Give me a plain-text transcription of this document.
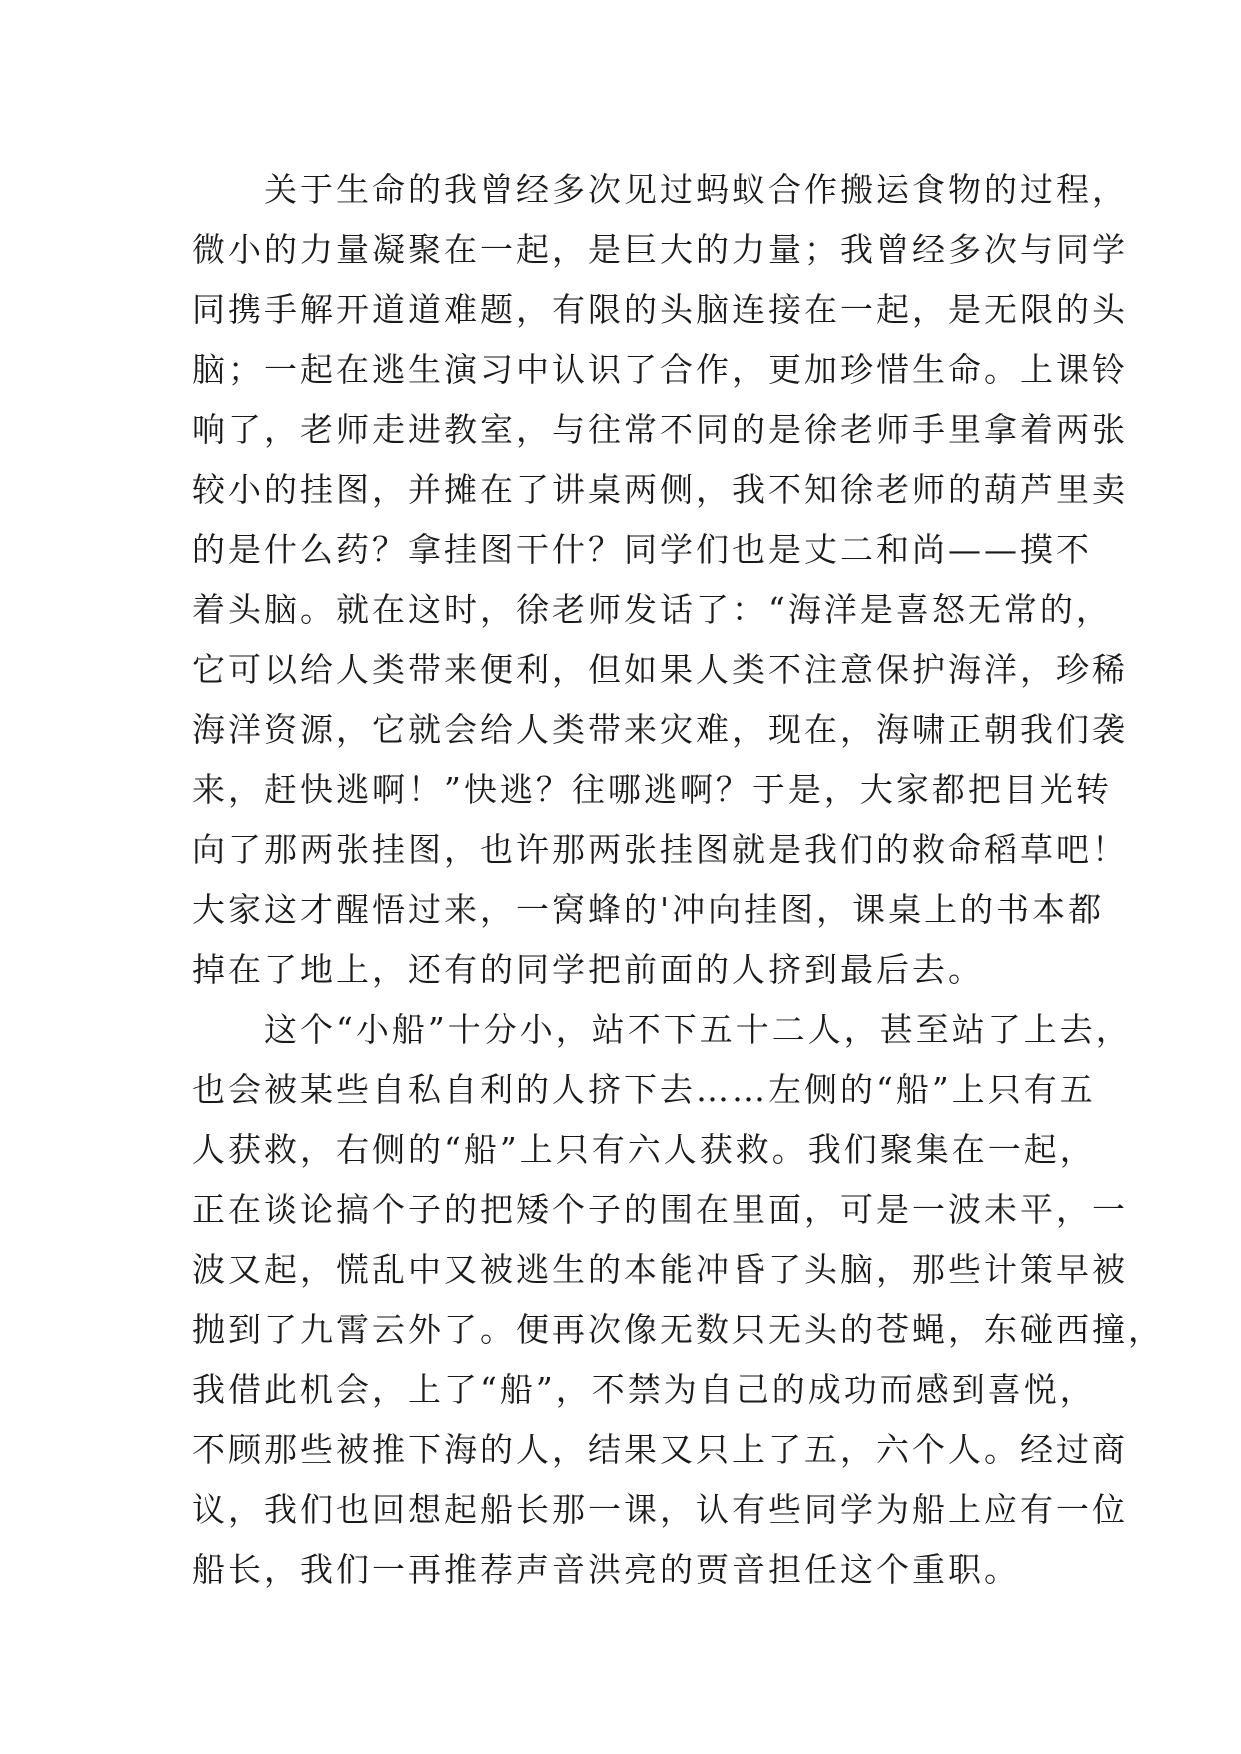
　　关于生命的我曾经多次见过蚂蚁合作搬运食物的过程，
微小的力量凝聚在一起，是巨大的力量；我曾经多次与同学
同携手解开道道难题，有限的头脑连接在一起，是无限的头
脑；一起在逃生演习中认识了合作，更加珍惜生命。上课铃
响了，老师走进教室，与往常不同的是徐老师手里拿着两张
较小的挂图，并摊在了讲桌两侧，我不知徐老师的葫芦里卖
的是什么药？拿挂图干什？同学们也是丈二和尚——摸不
着头脑。就在这时，徐老师发话了：“海洋是喜怒无常的，
它可以给人类带来便利，但如果人类不注意保护海洋，珍稀
海洋资源，它就会给人类带来灾难，现在，海啸正朝我们袭
来，赶快逃啊！”快逃？往哪逃啊？于是，大家都把目光转
向了那两张挂图，也许那两张挂图就是我们的救命稻草吧！
大家这才醒悟过来，一窝蜂的'冲向挂图，课桌上的书本都
掉在了地上，还有的同学把前面的人挤到最后去。
　　这个“小船”十分小，站不下五十二人，甚至站了上去，
也会被某些自私自利的人挤下去……左侧的“船”上只有五
人获救，右侧的“船”上只有六人获救。我们聚集在一起，
正在谈论搞个子的把矮个子的围在里面，可是一波未平，一
波又起，慌乱中又被逃生的本能冲昏了头脑，那些计策早被
抛到了九霄云外了。便再次像无数只无头的苍蝇，东碰西撞，
我借此机会，上了“船”，不禁为自己的成功而感到喜悦，
不顾那些被推下海的人，结果又只上了五，六个人。经过商
议，我们也回想起船长那一课，认有些同学为船上应有一位
船长，我们一再推荐声音洪亮的贾音担任这个重职。
